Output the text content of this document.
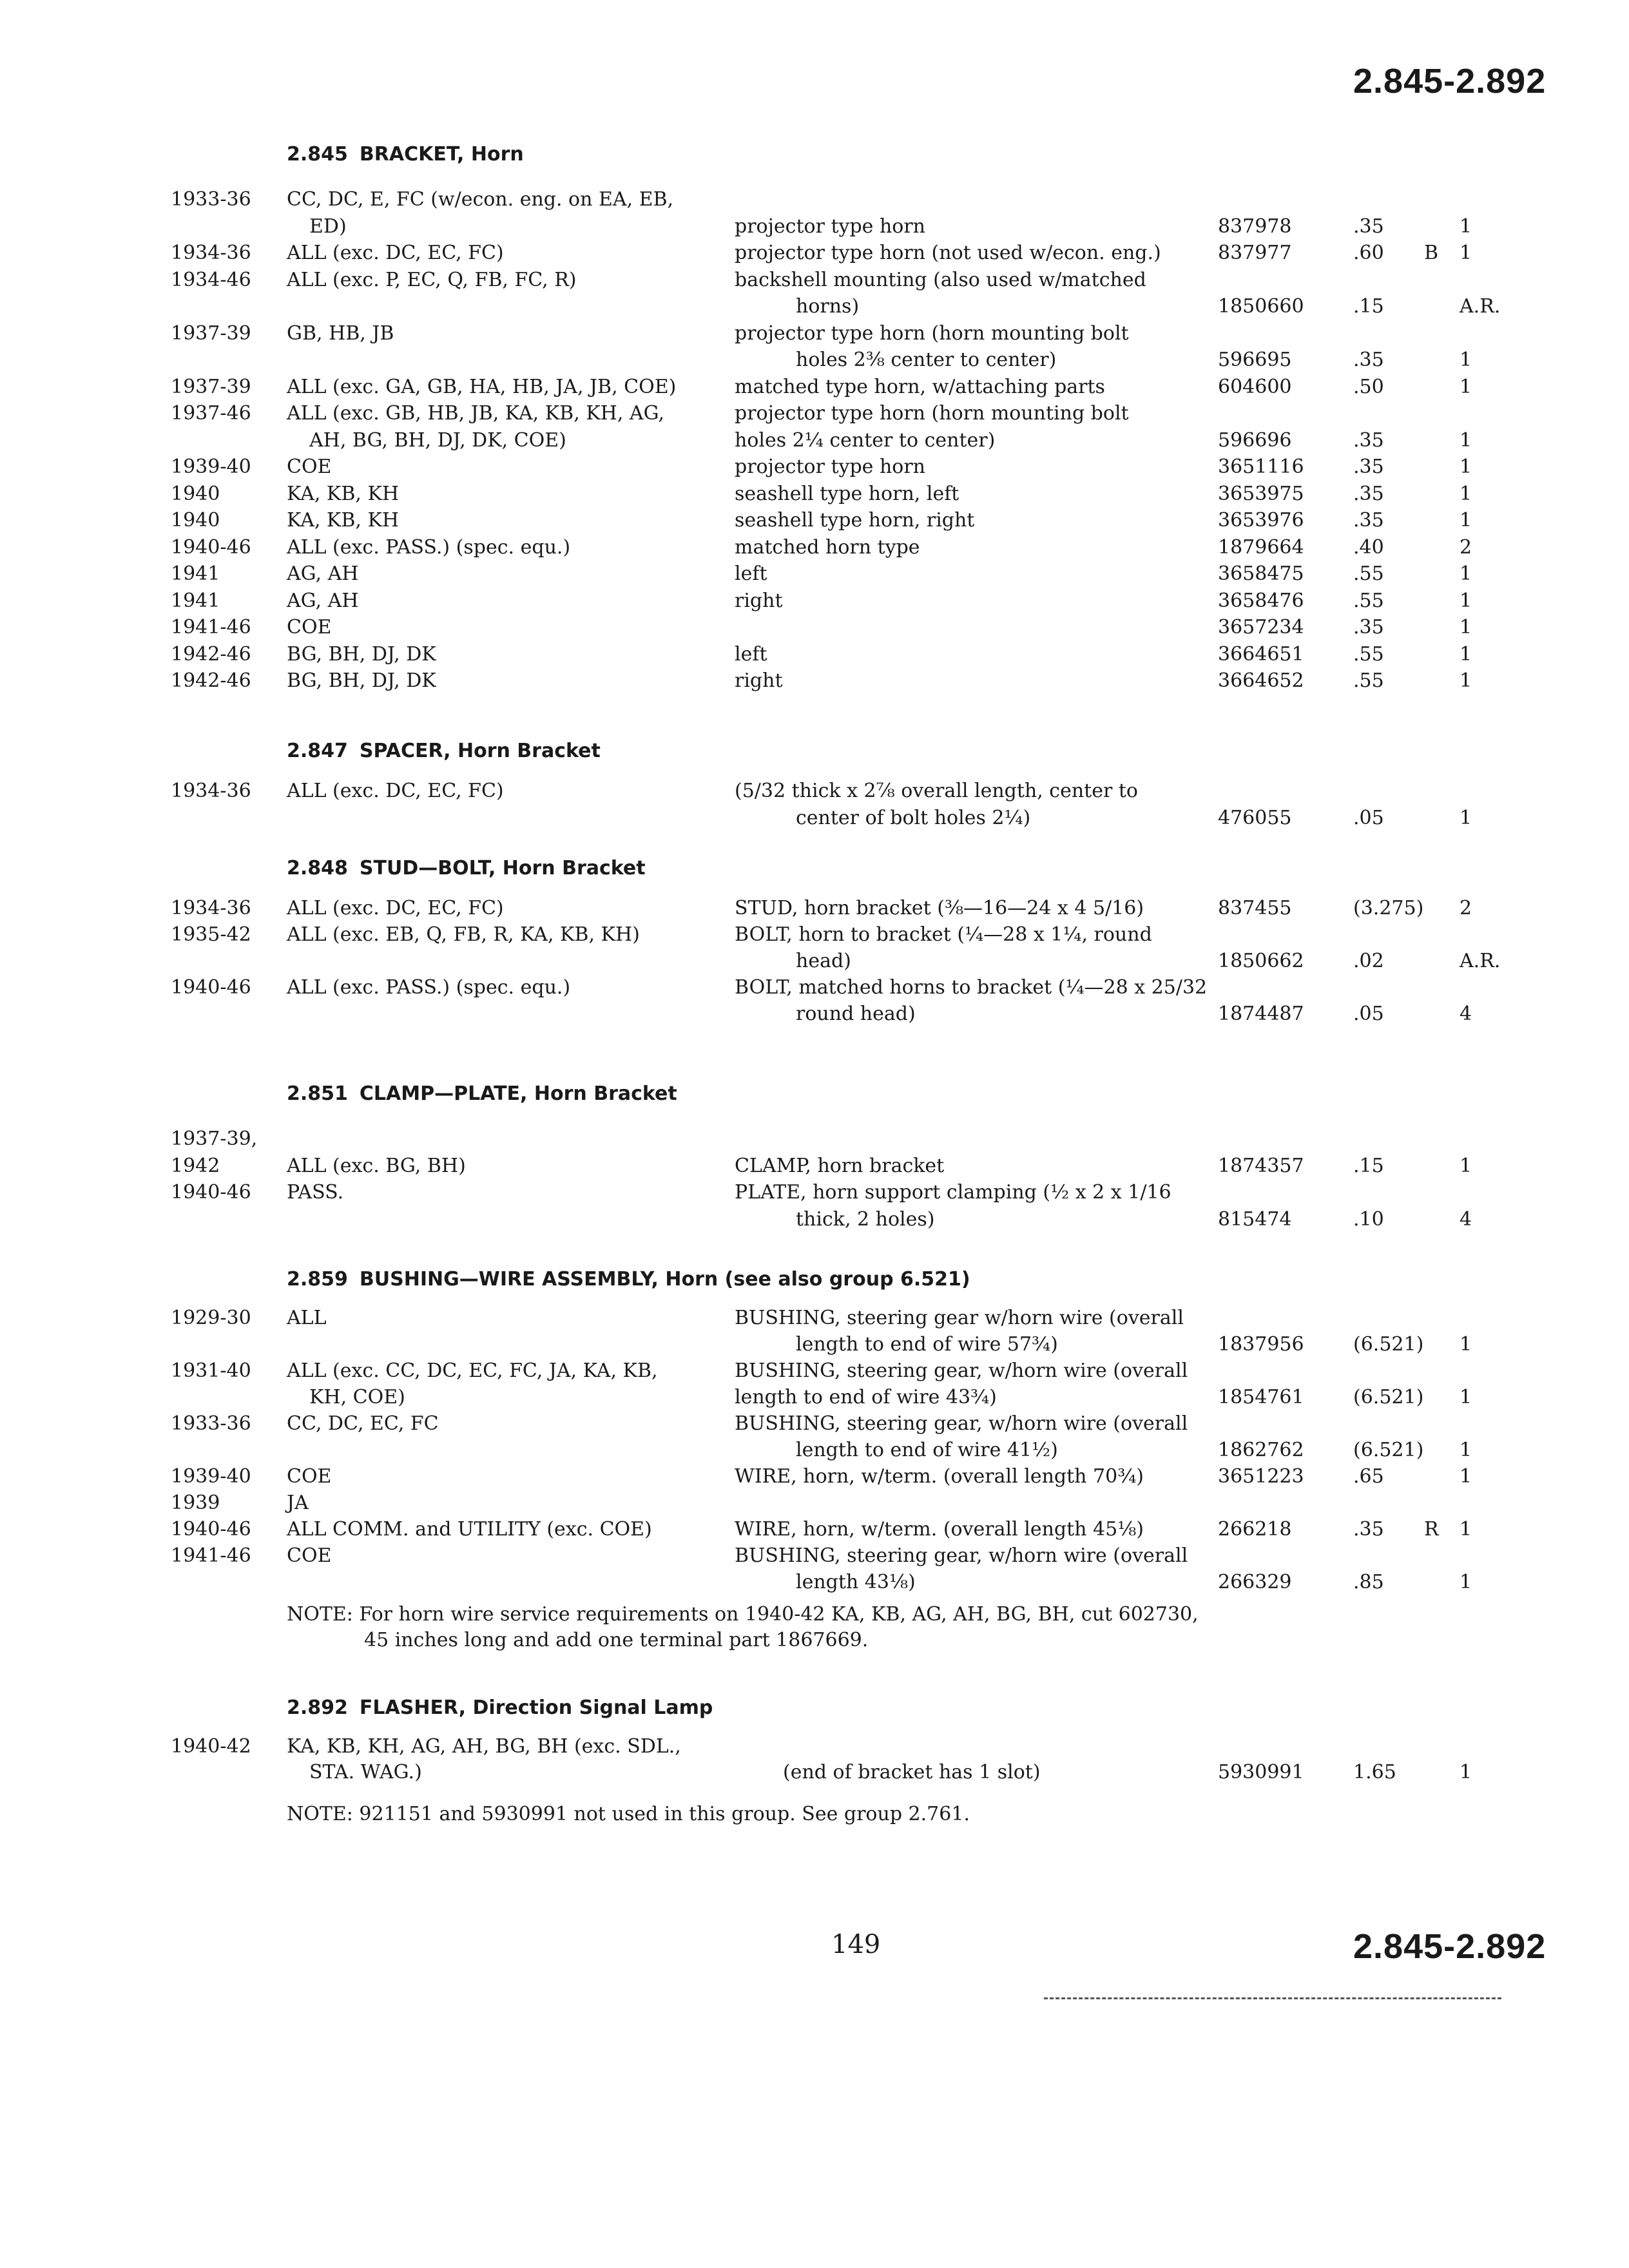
2.845-2.892
2.845 BRACKET, Horn
1933-36 CC, DC, E, FC (w/econ. eng. on EA, EB,
ED)	projector type horn	837978	.35	1
1934-36 ALL (exc. DC, EC, FC)	projector type horn (not used w/econ. eng.)	837977	.60 B 1
1934-46 ALL (exc. P, EC, Q, FB, FC, R)	backshell mounting (also used w/matched
horns)	1850660	.15	A.R.
1937-39 GB, HB, JB	projector type horn (horn mounting bolt
holes 2⅜ center to center)	596695	.35	1
1937-39 ALL (exc. GA, GB, HA, HB, JA, JB, COE)	matched type horn, w/attaching parts	604600	.50	1
1937-46 ALL (exc. GB, HB, JB, KA, KB, KH, AG,	projector type horn (horn mounting bolt
AH, BG, BH, DJ, DK, COE)	holes 2¼ center to center)	596696	.35	1
1939-40 COE	projector type horn	3651116	.35	1
1940	KA, KB, KH	seashell type horn, left	3653975	.35	1
1940	KA, KB, KH	seashell type horn, right	3653976	.35	1
1940-46 ALL (exc. PASS.) (spec. equ.)	matched horn type	1879664	.40	2
1941	AG, AH	left	3658475	.55	1
1941	AG, AH	right	3658476	.55	1
1941-46 COE	3657234	.35	1
1942-46 BG, BH, DJ, DK	left	3664651	.55	1
1942-46 BG, BH, DJ, DK	right	3664652	.55	1
2.847 SPACER, Horn Bracket
1934-36 ALL (exc. DC, EC, FC)	(5/32 thick x 2⅞ overall length, center to
center of bolt holes 2¼)	476055	.05	1
2.848 STUD—BOLT, Horn Bracket
1934-36 ALL (exc. DC, EC, FC)	STUD, horn bracket (⅜—16—24 x 4 5/16)	837455	(3.275) 2
1935-42 ALL (exc. EB, Q, FB, R, KA, KB, KH)	BOLT, horn to bracket (¼—28 x 1¼, round
head)	1850662	.02	A.R.
1940-46 ALL (exc. PASS.) (spec. equ.)	BOLT, matched horns to bracket (¼—28 x 25/32
round head)	1874487	.05	4
2.851 CLAMP—PLATE, Horn Bracket
1937-39,
1942	ALL (exc. BG, BH)	CLAMP, horn bracket	1874357	.15	1
1940-46 PASS.	PLATE, horn support clamping (½ x 2 x 1/16
thick, 2 holes)	815474	.10	4
2.859 BUSHING—WIRE ASSEMBLY, Horn (see also group 6.521)
1929-30 ALL	BUSHING, steering gear w/horn wire (overall
length to end of wire 57¾)	1837956	(6.521) 1
1931-40 ALL (exc. CC, DC, EC, FC, JA, KA, KB,	BUSHING, steering gear, w/horn wire (overall
KH, COE)	length to end of wire 43¾)	1854761	(6.521) 1
1933-36 CC, DC, EC, FC	BUSHING, steering gear, w/horn wire (overall
length to end of wire 41½)	1862762	(6.521) 1
1939-40 COE	WIRE, horn, w/term. (overall length 70¾)	3651223	.65	1
1939	JA
1940-46 ALL COMM. and UTILITY (exc. COE)	WIRE, horn, w/term. (overall length 45⅛)	266218	.35 R 1
1941-46 COE	BUSHING, steering gear, w/horn wire (overall
length 43⅛)	266329	.85	1
NOTE: For horn wire service requirements on 1940-42 KA, KB, AG, AH, BG, BH, cut 602730,
45 inches long and add one terminal part 1867669.
2.892 FLASHER, Direction Signal Lamp
1940-42 KA, KB, KH, AG, AH, BG, BH (exc. SDL.,
STA. WAG.)	(end of bracket has 1 slot)	5930991	1.65	1
NOTE: 921151 and 5930991 not used in this group. See group 2.761.
149	2.845-2.892
